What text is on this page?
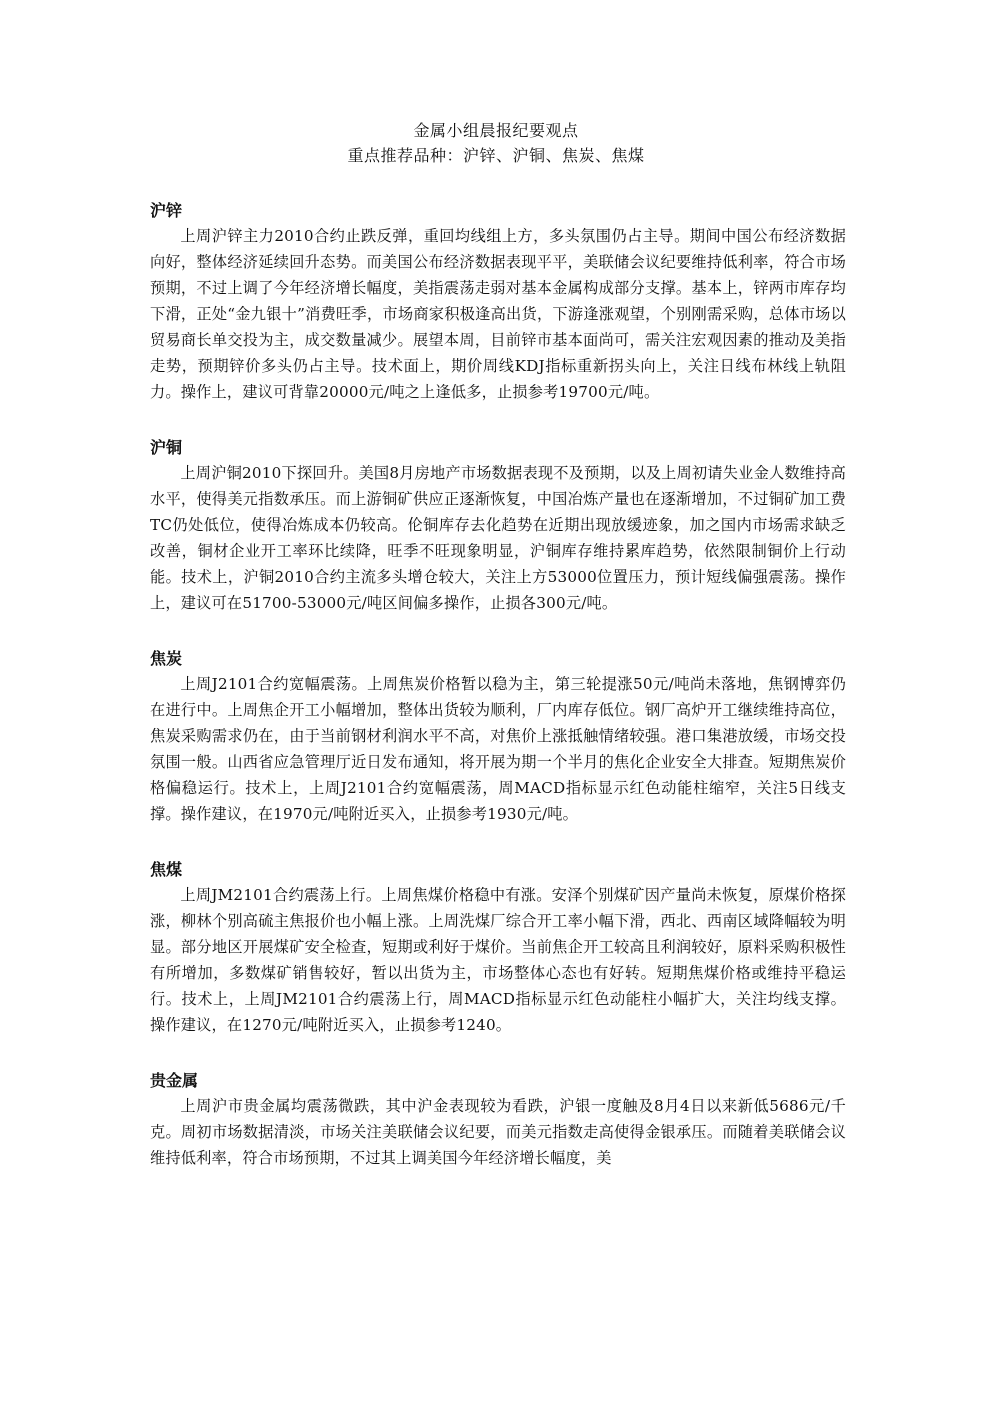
金属小组晨报纪要观点
重点推荐品种：沪锌、沪铜、焦炭、焦煤
沪锌

上周沪锌主力2010合约止跌反弹，重回均线组上方，多头氛围仍占主导。期间中国公布经济数据向好，整体经济延续回升态势。而美国公布经济数据表现平平，美联储会议纪要维持低利率，符合市场预期，不过上调了今年经济增长幅度，美指震荡走弱对基本金属构成部分支撑。基本上，锌两市库存均下滑，正处“金九银十”消费旺季，市场商家积极逢高出货，下游逢涨观望，个别刚需采购，总体市场以贸易商长单交投为主，成交数量减少。展望本周，目前锌市基本面尚可，需关注宏观因素的推动及美指走势，预期锌价多头仍占主导。技术面上，期价周线KDJ指标重新拐头向上，关注日线布林线上轨阻力。操作上，建议可背靠20000元/吨之上逢低多，止损参考19700元/吨。

沪铜

上周沪铜2010下探回升。美国8月房地产市场数据表现不及预期，以及上周初请失业金人数维持高水平，使得美元指数承压。而上游铜矿供应正逐渐恢复，中国冶炼产量也在逐渐增加，不过铜矿加工费TC仍处低位，使得冶炼成本仍较高。伦铜库存去化趋势在近期出现放缓迹象，加之国内市场需求缺乏改善，铜材企业开工率环比续降，旺季不旺现象明显，沪铜库存维持累库趋势，依然限制铜价上行动能。技术上，沪铜2010合约主流多头增仓较大，关注上方53000位置压力，预计短线偏强震荡。操作上，建议可在51700-53000元/吨区间偏多操作，止损各300元/吨。

焦炭

上周J2101合约宽幅震荡。上周焦炭价格暂以稳为主，第三轮提涨50元/吨尚未落地，焦钢博弈仍在进行中。上周焦企开工小幅增加，整体出货较为顺利，厂内库存低位。钢厂高炉开工继续维持高位，焦炭采购需求仍在，由于当前钢材利润水平不高，对焦价上涨抵触情绪较强。港口集港放缓，市场交投氛围一般。山西省应急管理厅近日发布通知，将开展为期一个半月的焦化企业安全大排查。短期焦炭价格偏稳运行。技术上，上周J2101合约宽幅震荡，周MACD指标显示红色动能柱缩窄，关注5日线支撑。操作建议，在1970元/吨附近买入，止损参考1930元/吨。

焦煤

上周JM2101合约震荡上行。上周焦煤价格稳中有涨。安泽个别煤矿因产量尚未恢复，原煤价格探涨，柳林个别高硫主焦报价也小幅上涨。上周洗煤厂综合开工率小幅下滑，西北、西南区域降幅较为明显。部分地区开展煤矿安全检查，短期或利好于煤价。当前焦企开工较高且利润较好，原料采购积极性有所增加，多数煤矿销售较好，暂以出货为主，市场整体心态也有好转。短期焦煤价格或维持平稳运行。技术上，上周JM2101合约震荡上行，周MACD指标显示红色动能柱小幅扩大，关注均线支撑。操作建议，在1270元/吨附近买入，止损参考1240。

贵金属

上周沪市贵金属均震荡微跌，其中沪金表现较为看跌，沪银一度触及8月4日以来新低5686元/千克。周初市场数据清淡，市场关注美联储会议纪要，而美元指数走高使得金银承压。而随着美联储会议维持低利率，符合市场预期，不过其上调美国今年经济增长幅度，美
